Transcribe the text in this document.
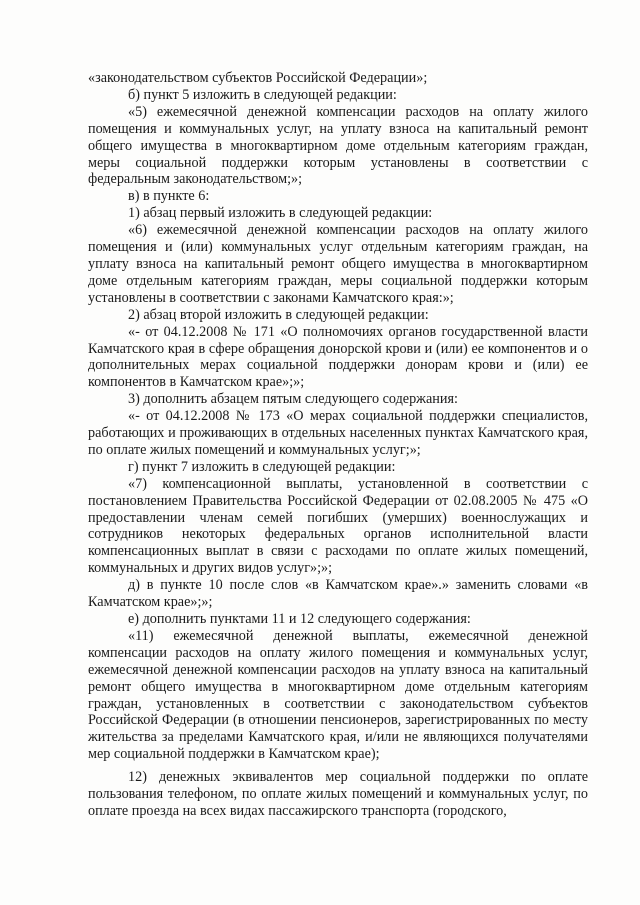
«законодательством субъектов Российской Федерации»;

б) пункт 5 изложить в следующей редакции:

«5) ежемесячной денежной компенсации расходов на оплату жилого помещения и коммунальных услуг, на уплату взноса на капитальный ремонт общего имущества в многоквартирном доме отдельным категориям граждан, меры социальной поддержки которым установлены в соответствии с федеральным законодательством;»;

в) в пункте 6:

1) абзац первый изложить в следующей редакции:

«6) ежемесячной денежной компенсации расходов на оплату жилого помещения и (или) коммунальных услуг отдельным категориям граждан, на уплату взноса на капитальный ремонт общего имущества в многоквартирном доме отдельным категориям граждан, меры социальной поддержки которым установлены в соответствии с законами Камчатского края:»;

2) абзац второй изложить в следующей редакции:

«- от 04.12.2008 № 171 «О полномочиях органов государственной власти Камчатского края в сфере обращения донорской крови и (или) ее компонентов и о дополнительных мерах социальной поддержки донорам крови и (или) ее компонентов в Камчатском крае»;»;

3) дополнить абзацем пятым следующего содержания:

«- от 04.12.2008 № 173 «О мерах социальной поддержки специалистов, работающих и проживающих в отдельных населенных пунктах Камчатского края, по оплате жилых помещений и коммунальных услуг;»;

г) пункт 7 изложить в следующей редакции:

«7) компенсационной выплаты, установленной в соответствии с постановлением Правительства Российской Федерации от 02.08.2005 № 475 «О предоставлении членам семей погибших (умерших) военнослужащих и сотрудников некоторых федеральных органов исполнительной власти компенсационных выплат в связи с расходами по оплате жилых помещений, коммунальных и других видов услуг»;»;

д) в пункте 10 после слов «в Камчатском крае».» заменить словами «в Камчатском крае»;»;

е) дополнить пунктами 11 и 12 следующего содержания:

«11) ежемесячной денежной выплаты, ежемесячной денежной компенсации расходов на оплату жилого помещения и коммунальных услуг, ежемесячной денежной компенсации расходов на уплату взноса на капитальный ремонт общего имущества в многоквартирном доме отдельным категориям граждан, установленных в соответствии с законодательством субъектов Российской Федерации (в отношении пенсионеров, зарегистрированных по месту жительства за пределами Камчатского края, и/или не являющихся получателями мер социальной поддержки в Камчатском крае);

12) денежных эквивалентов мер социальной поддержки по оплате пользования телефоном, по оплате жилых помещений и коммунальных услуг, по оплате проезда на всех видах пассажирского транспорта (городского,
